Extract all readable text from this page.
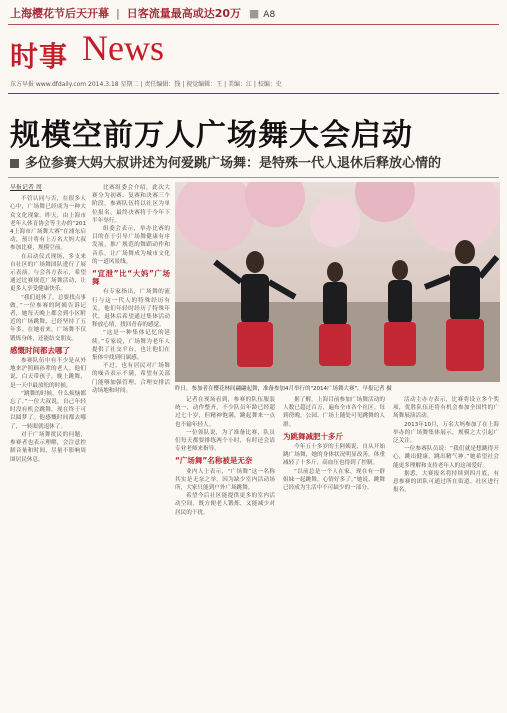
上海樱花节后天开幕 | 日客流量最高或达20万 ■ A8
时事 News
东方早报 www.dfdaily.com 2014.3.18 星期二 | 责任编辑：钱 | 视觉编辑：王 | 美编：江 | 校编：史
规模空前万人广场舞大会启动
多位参赛大妈大叔讲述为何爱跳广场舞：是特殊一代人退休后释放心情的
早报记者 周

不管认同与否，在很多人心中，广场舞已经成为一种大众文化现象。昨天，由上海市老年人体育协会等主办的“2014上海市广场舞大赛”在浦东启动，预计将有上万名大妈大叔参加比赛，规模空前。

在启动仪式现场，多支来自社区的广场舞团队进行了展示表演。与会各方表示，希望通过比赛规范广场舞活动，让更多人享受健康快乐。

“我们退休了，总要找点事做。”一位参赛的阿姨告诉记者，她每天晚上都会到小区附近的广场跳舞，已经坚持了五年多。在她看来，广场舞不仅锻炼身体，还能结交朋友。

感慨时间都去哪了

参赛队伍中有不少是从外地来沪照顾孙辈的老人。他们说，白天带孩子，晚上跳舞，是一天中最放松的时候。

“跳舞的时候，什么烦恼都忘了。”一位大叔说，自己年轻时没有机会跳舞，现在终于可以圆梦了。他感慨时间都去哪了，一转眼就退休了。

对于广场舞扰民的问题，参赛者也表示理解，会注意控制音量和时间，尽量不影响周围居民休息。

比赛组委会介绍，此次大赛分为初赛、复赛和决赛三个阶段，参赛队伍将以社区为单位报名，最终决赛将于今年下半年举行。

组委会表示，举办比赛的目的在于引导广场舞健康有序发展，推广规范的舞蹈动作和音乐，让广场舞成为城市文化的一道风景线。

“宣泄”比“大妈”广场舞

有专家指出，广场舞的流行与这一代人的特殊经历有关。他们年轻时经历了特殊年代，退休后希望通过集体活动释放心情，找回青春的感觉。

“这是一种集体记忆的延续。”专家说，广场舞为老年人提供了社交平台，也让他们在集体中找到归属感。

不过，也有居民对广场舞的噪音表示不满，希望有关部门能够加强管理，合理安排活动场地和时间。	昨日，参加者在樱花林间翩翩起舞，准备参加4月举行的"2014广场舞大赛"。早报记者 摄

记者在现场看到，参赛的队伍服装统一，动作整齐，不少队员年龄已经超过七十岁，但精神饱满，跳起舞来一点也不输年轻人。

一位领队说，为了准备比赛，队员们每天都要排练两个小时，有时还会请专业老师来指导。

“广场舞”名称被是无奈

业内人士表示，“广场舞”这一名称其实是无奈之举，因为缺少室内活动场所，大家只能到户外广场跳舞。

希望今后社区能提供更多的室内活动空间，既方便老人锻炼，又能减少对居民的干扰。

据了解，上海目前参加广场舞活动的人数已超过百万，遍布全市各个社区。每到傍晚，公园、广场上随处可见跳舞的人群。

为跳舞减肥十多斤

今年五十多岁的王阿姨说，自从开始跳广场舞，她的身体状况明显改善，体重减轻了十多斤，高血压也得到了控制。

“以前总是一个人在家，现在有一群姐妹一起跳舞，心情好多了。”她说，跳舞已经成为生活中不可缺少的一部分。

活动主办方表示，比赛将设立多个奖项，优胜队伍还将有机会参加全国性的广场舞展演活动。

2013年10月，万名大妈参加了在上海举办的广场舞集体展示，规模之大引起广泛关注。

一位参赛队员说：“我们就是想跳得开心，跳出健康，跳出精气神。”她希望社会能更多理解和支持老年人的这项爱好。

据悉，大赛报名将持续到四月底，有意参赛的团队可通过所在街道、社区进行报名。
